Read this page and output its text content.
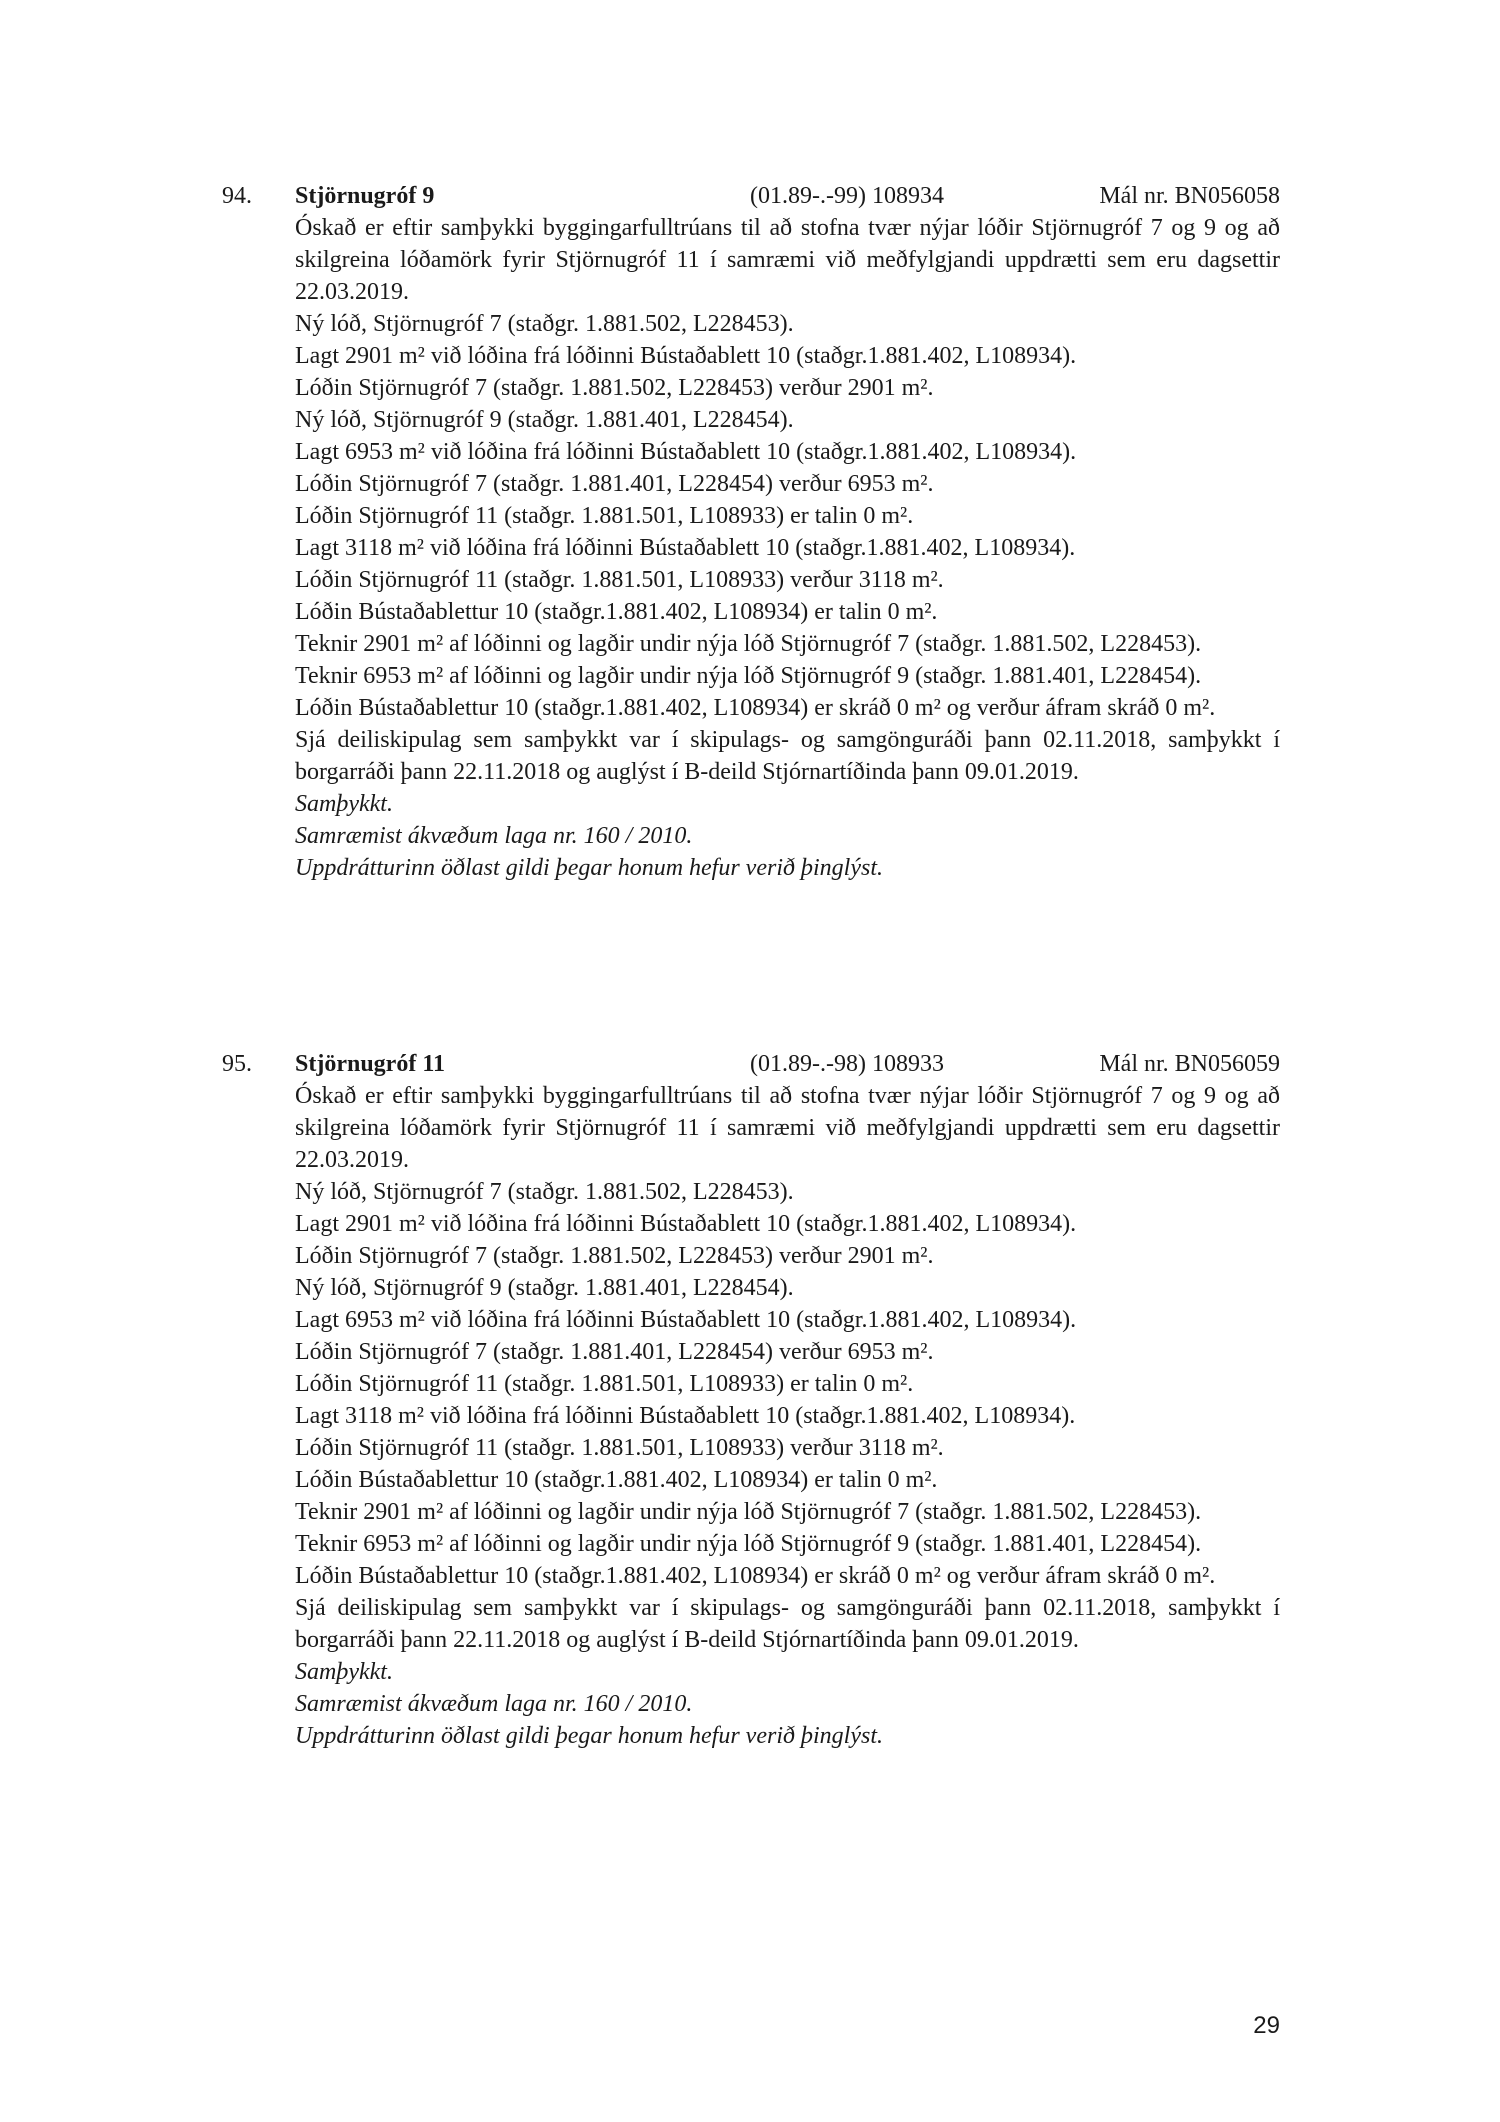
94. Stjörnugróf 9	(01.89-.-99) 108934	Mál nr. BN056058
Óskað er eftir samþykki byggingarfulltrúans til að stofna tvær nýjar lóðir Stjörnugróf 7 og 9 og að skilgreina lóðamörk fyrir Stjörnugróf 11 í samræmi við meðfylgjandi uppdrætti sem eru dagsettir 22.03.2019.
Ný lóð, Stjörnugróf 7 (staðgr. 1.881.502, L228453).
Lagt 2901 m² við lóðina frá lóðinni Bústaðablett 10 (staðgr.1.881.402, L108934).
Lóðin Stjörnugróf 7 (staðgr. 1.881.502, L228453) verður 2901 m².
Ný lóð, Stjörnugróf 9 (staðgr. 1.881.401, L228454).
Lagt 6953 m² við lóðina frá lóðinni Bústaðablett 10 (staðgr.1.881.402, L108934).
Lóðin Stjörnugróf 7 (staðgr. 1.881.401, L228454) verður 6953 m².
Lóðin Stjörnugróf 11 (staðgr. 1.881.501, L108933) er talin 0 m².
Lagt 3118 m² við lóðina frá lóðinni Bústaðablett 10 (staðgr.1.881.402, L108934).
Lóðin Stjörnugróf 11 (staðgr. 1.881.501, L108933) verður 3118 m².
Lóðin Bústaðablettur 10 (staðgr.1.881.402, L108934) er talin 0 m².
Teknir 2901 m² af lóðinni og lagðir undir nýja lóð Stjörnugróf 7 (staðgr. 1.881.502, L228453).
Teknir 6953 m² af lóðinni og lagðir undir nýja lóð Stjörnugróf 9 (staðgr. 1.881.401, L228454).
Lóðin Bústaðablettur 10 (staðgr.1.881.402, L108934) er skráð 0 m² og verður áfram skráð 0 m².
Sjá deiliskipulag sem samþykkt var í skipulags- og samgönguráði þann 02.11.2018, samþykkt í borgarráði þann 22.11.2018 og auglýst í B-deild Stjórnartíðinda þann 09.01.2019.
Samþykkt.
Samræmist ákvæðum laga nr. 160 / 2010.
Uppdrátturinn öðlast gildi þegar honum hefur verið þinglýst.
95. Stjörnugróf 11	(01.89-.-98) 108933	Mál nr. BN056059
Óskað er eftir samþykki byggingarfulltrúans til að stofna tvær nýjar lóðir Stjörnugróf 7 og 9 og að skilgreina lóðamörk fyrir Stjörnugróf 11 í samræmi við meðfylgjandi uppdrætti sem eru dagsettir 22.03.2019.
Ný lóð, Stjörnugróf 7 (staðgr. 1.881.502, L228453).
Lagt 2901 m² við lóðina frá lóðinni Bústaðablett 10 (staðgr.1.881.402, L108934).
Lóðin Stjörnugróf 7 (staðgr. 1.881.502, L228453) verður 2901 m².
Ný lóð, Stjörnugróf 9 (staðgr. 1.881.401, L228454).
Lagt 6953 m² við lóðina frá lóðinni Bústaðablett 10 (staðgr.1.881.402, L108934).
Lóðin Stjörnugróf 7 (staðgr. 1.881.401, L228454) verður 6953 m².
Lóðin Stjörnugróf 11 (staðgr. 1.881.501, L108933) er talin 0 m².
Lagt 3118 m² við lóðina frá lóðinni Bústaðablett 10 (staðgr.1.881.402, L108934).
Lóðin Stjörnugróf 11 (staðgr. 1.881.501, L108933) verður 3118 m².
Lóðin Bústaðablettur 10 (staðgr.1.881.402, L108934) er talin 0 m².
Teknir 2901 m² af lóðinni og lagðir undir nýja lóð Stjörnugróf 7 (staðgr. 1.881.502, L228453).
Teknir 6953 m² af lóðinni og lagðir undir nýja lóð Stjörnugróf 9 (staðgr. 1.881.401, L228454).
Lóðin Bústaðablettur 10 (staðgr.1.881.402, L108934) er skráð 0 m² og verður áfram skráð 0 m².
Sjá deiliskipulag sem samþykkt var í skipulags- og samgönguráði þann 02.11.2018, samþykkt í borgarráði þann 22.11.2018 og auglýst í B-deild Stjórnartíðinda þann 09.01.2019.
Samþykkt.
Samræmist ákvæðum laga nr. 160 / 2010.
Uppdrátturinn öðlast gildi þegar honum hefur verið þinglýst.
29
